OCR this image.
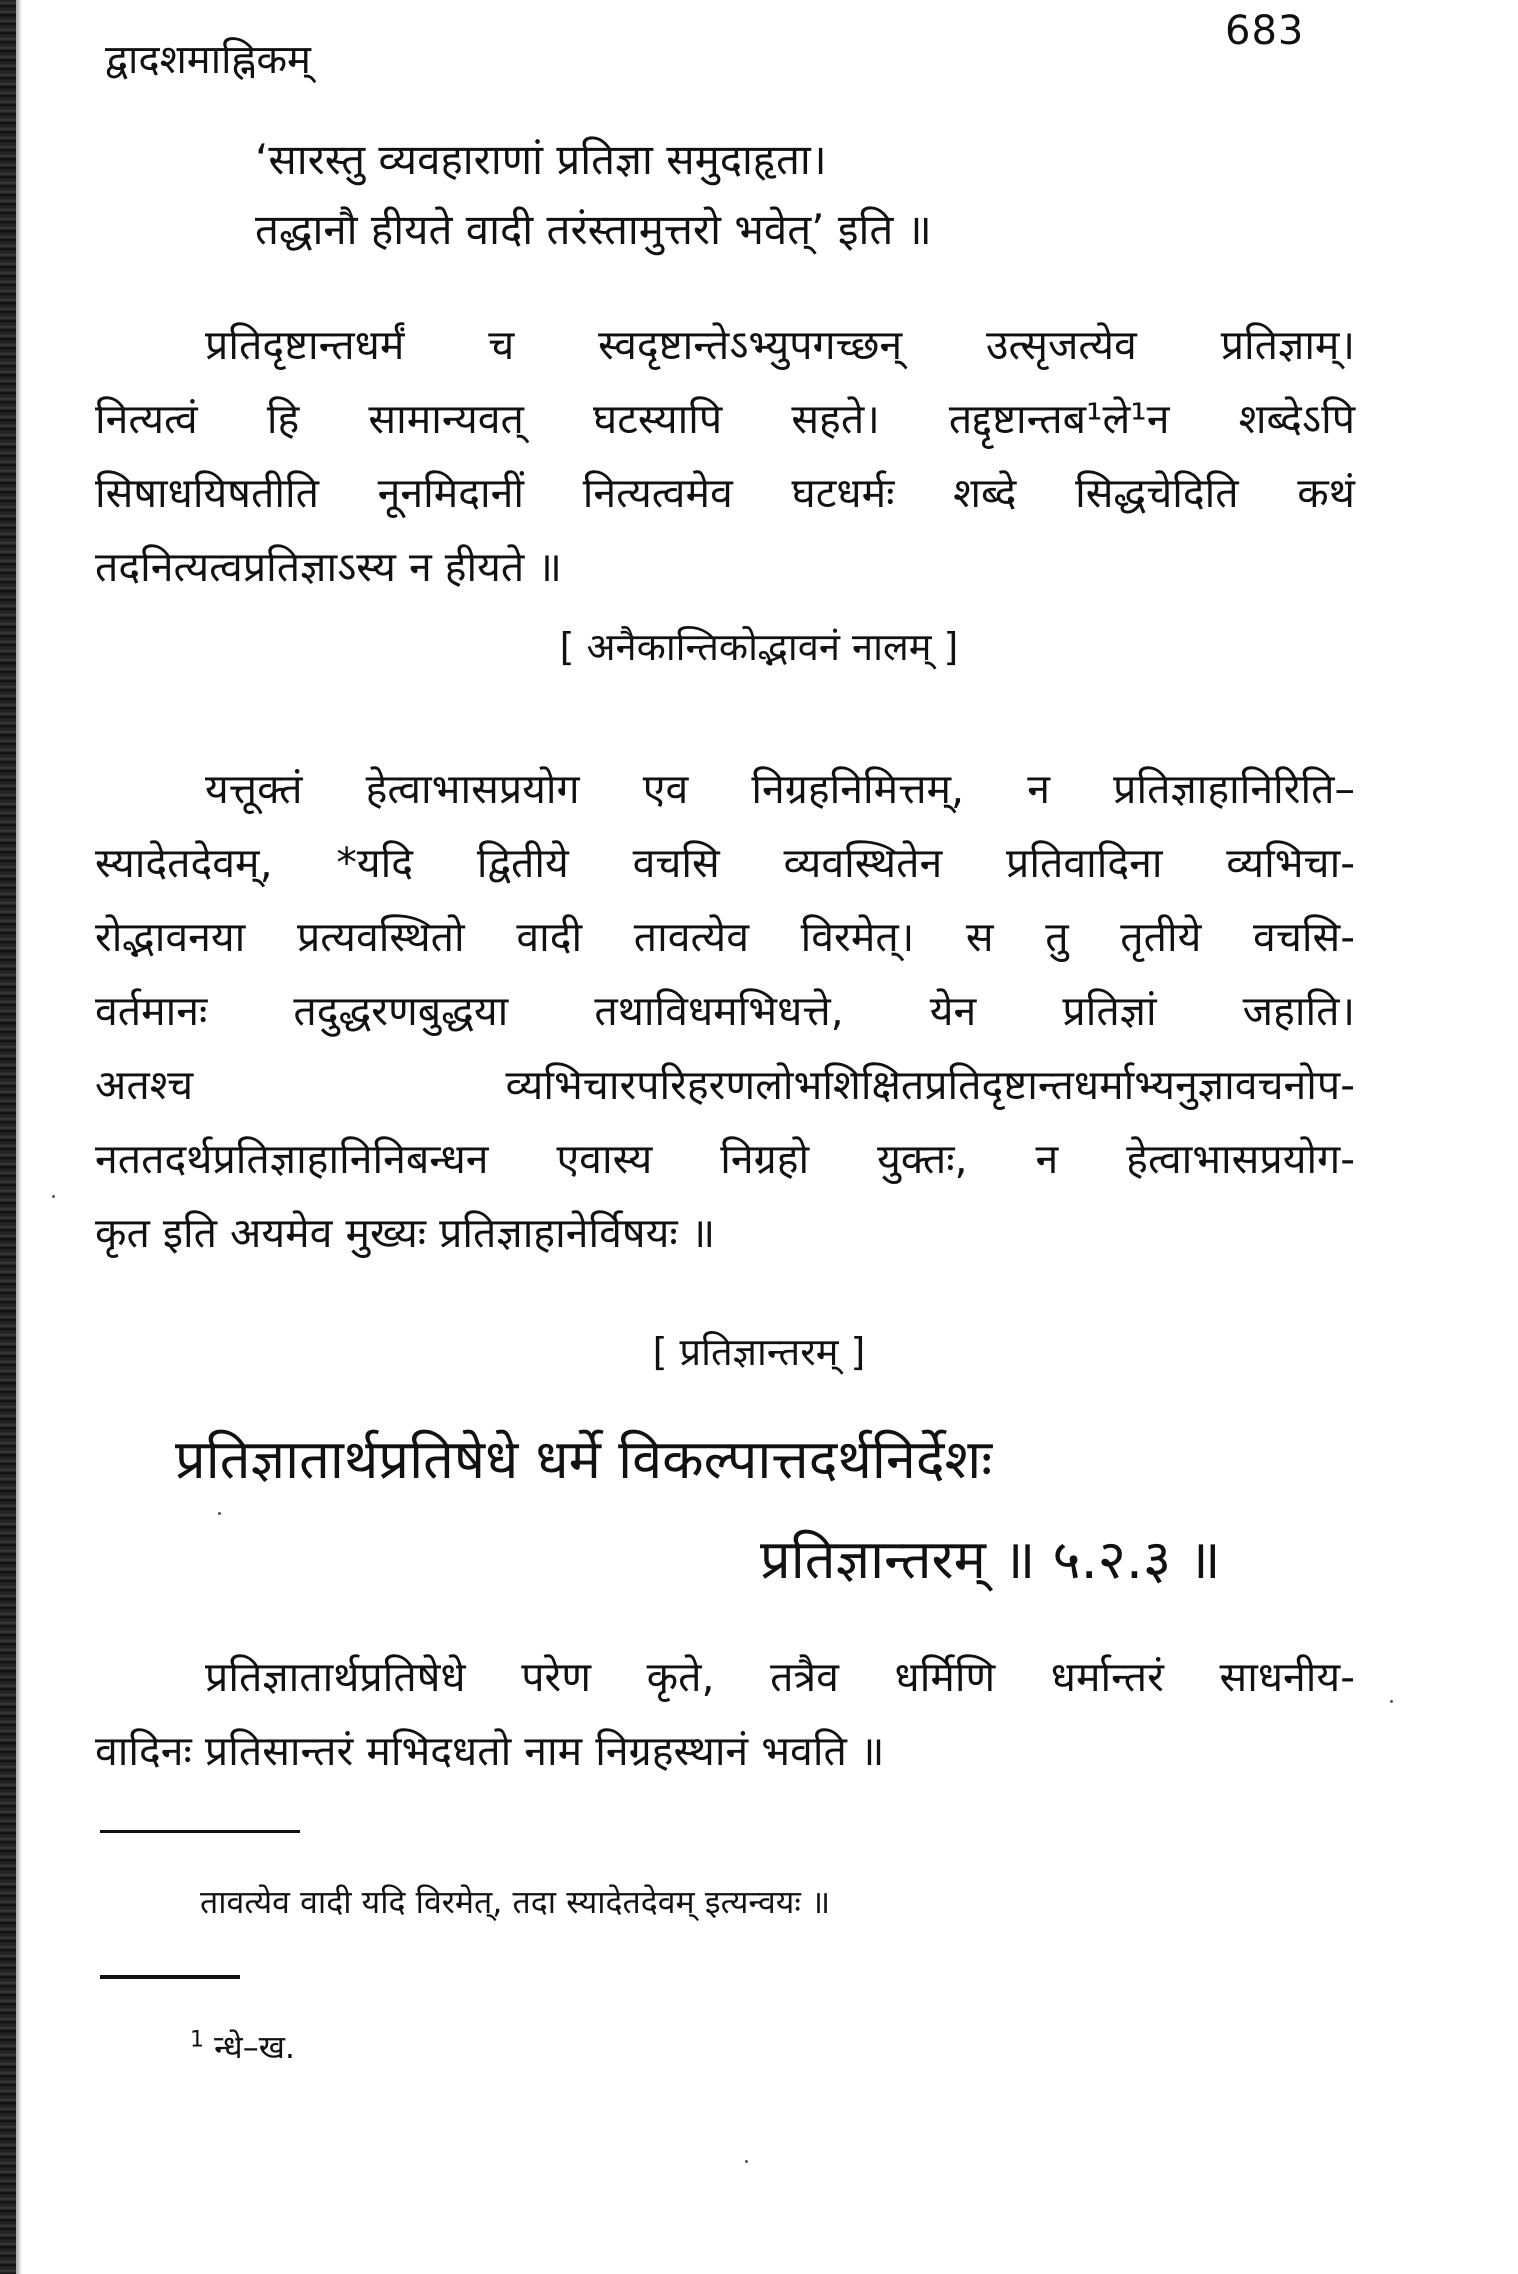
द्वादशमाह्निकम्
683
‘सारस्तु व्यवहाराणां प्रतिज्ञा समुदाहृता।
तद्धानौ हीयते वादी तरंस्तामुत्तरो भवेत्’ इति ॥

प्रतिदृष्टान्तधर्मं च स्वदृष्टान्तेऽभ्युपगच्छन् उत्सृजत्येव प्रतिज्ञाम्।
नित्यत्वं हि सामान्यवत् घटस्यापि सहते। तद्दृष्टान्तब¹ले¹न शब्देऽपि
सिषाधयिषतीति नूनमिदानीं नित्यत्वमेव घटधर्मः शब्दे सिद्धचेदिति कथं
तदनित्यत्वप्रतिज्ञाऽस्य न हीयते ॥

[ अनैकान्तिकोद्भावनं नालम् ]

यत्तूक्तं हेत्वाभासप्रयोग एव निग्रहनिमित्तम्, न प्रतिज्ञाहानिरिति–
स्यादेतदेवम्, *यदि द्वितीये वचसि व्यवस्थितेन प्रतिवादिना व्यभिचा-
रोद्भावनया प्रत्यवस्थितो वादी तावत्येव विरमेत्। स तु तृतीये वचसि-
वर्तमानः तदुद्धरणबुद्धया तथाविधमभिधत्ते, येन प्रतिज्ञां जहाति।
अतश्च व्यभिचारपरिहरणलोभशिक्षितप्रतिदृष्टान्तधर्माभ्यनुज्ञावचनोप-
नततदर्थप्रतिज्ञाहानिनिबन्धन एवास्य निग्रहो युक्तः, न हेत्वाभासप्रयोग-
कृत इति अयमेव मुख्यः प्रतिज्ञाहानेर्विषयः ॥

[ प्रतिज्ञान्तरम् ]
प्रतिज्ञातार्थप्रतिषेधे धर्मे विकल्पात्तदर्थनिर्देशः
प्रतिज्ञान्तरम् ॥ ५.२.३ ॥

प्रतिज्ञातार्थप्रतिषेधे परेण कृते, तत्रैव धर्मिणि धर्मान्तरं साधनीय-
वादिनः प्रतिसान्तरं मभिदधतो नाम निग्रहस्थानं भवति ॥

तावत्येव वादी यदि विरमेत्, तदा स्यादेतदेवम् इत्यन्वयः ॥
$^1$ न्धे–ख.
